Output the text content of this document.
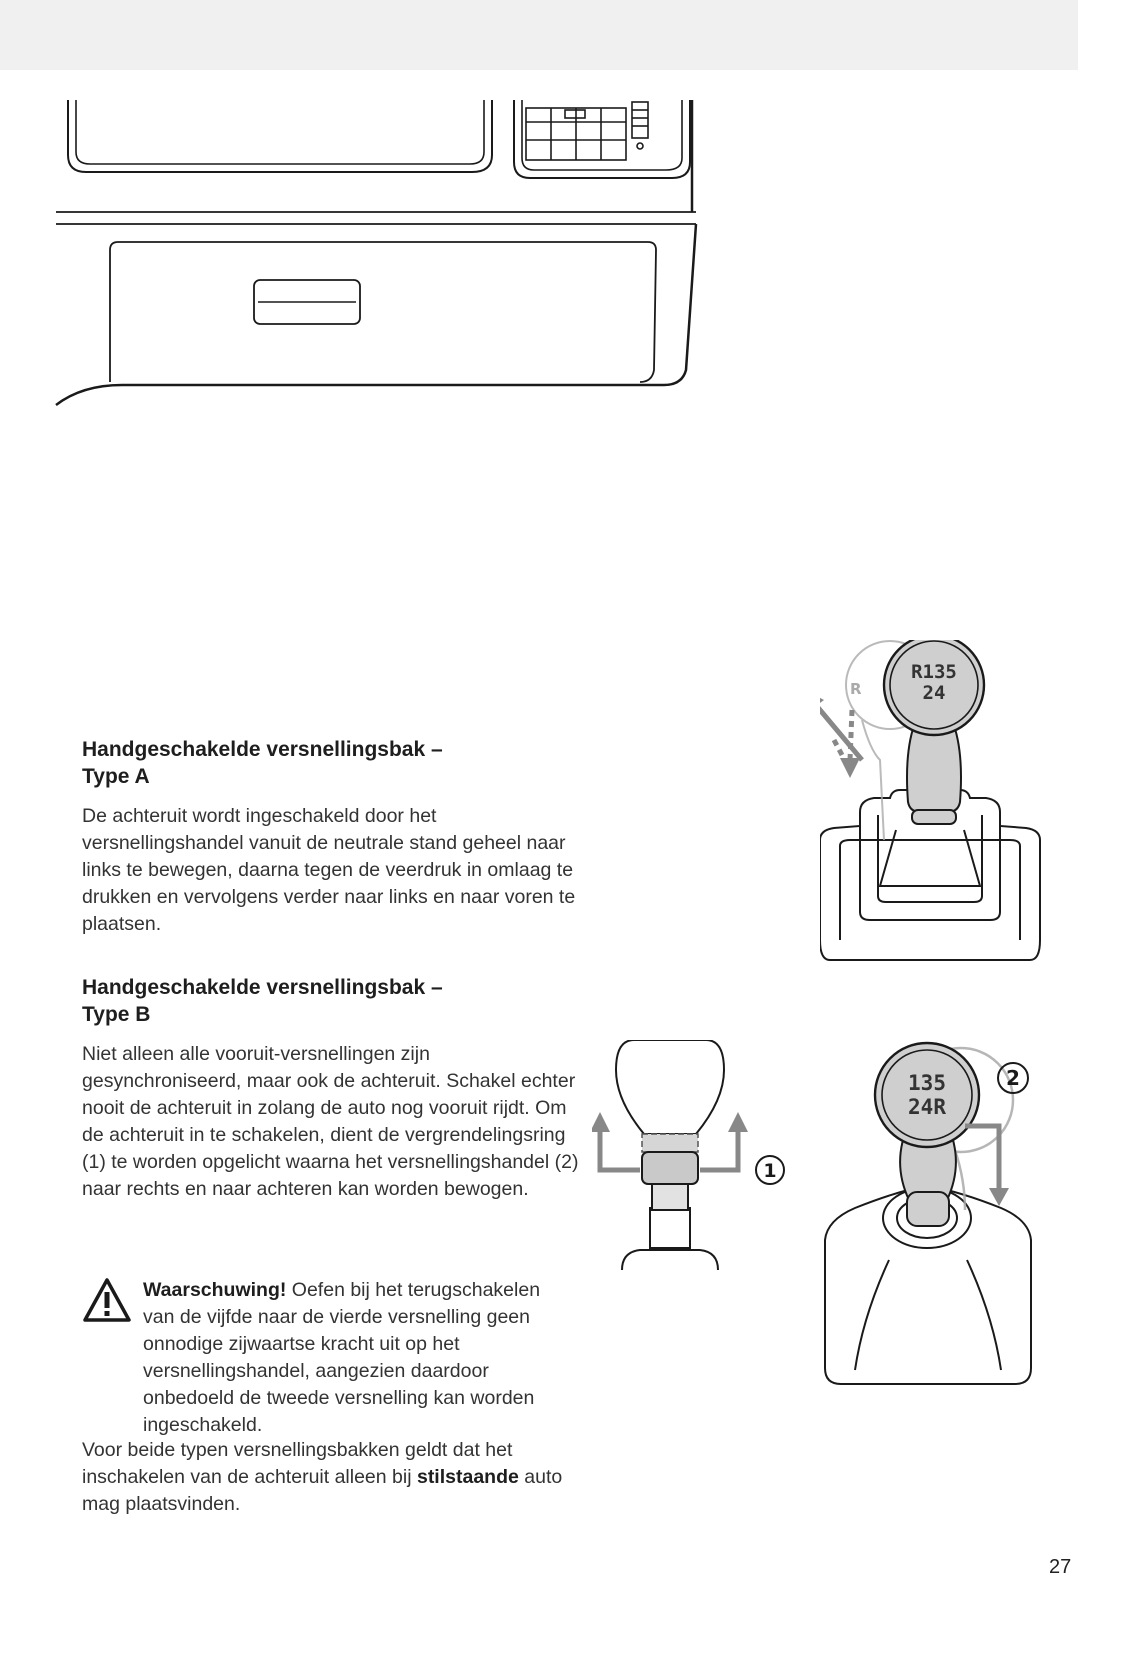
Handgeschakelde versnellingsbak –
Type A

De achteruit wordt ingeschakeld door het versnellingshandel vanuit de neutrale stand geheel naar links te bewegen, daarna tegen de veerdruk in omlaag te drukken en vervolgens verder naar links en naar voren te plaatsen.

R
R135
24
Handgeschakelde versnellingsbak –
Type B

Niet alleen alle vooruit-versnellingen zijn gesynchroniseerd, maar ook de achteruit. Schakel echter nooit de achteruit in zolang de auto nog vooruit rijdt. Om de achteruit in te schakelen, dient de vergrendelingsring (1) te worden opgelicht waarna het versnellingshandel (2) naar rechts en naar achteren kan worden bewogen.

1
135
24R
2

Waarschuwing! Oefen bij het terugschakelen van de vijfde naar de vierde versnelling geen onnodige zijwaartse kracht uit op het versnellingshandel, aangezien daardoor onbedoeld de tweede versnelling kan worden ingeschakeld.

Voor beide typen versnellingsbakken geldt dat het inschakelen van de achteruit alleen bij stilstaande auto mag plaatsvinden.

27
